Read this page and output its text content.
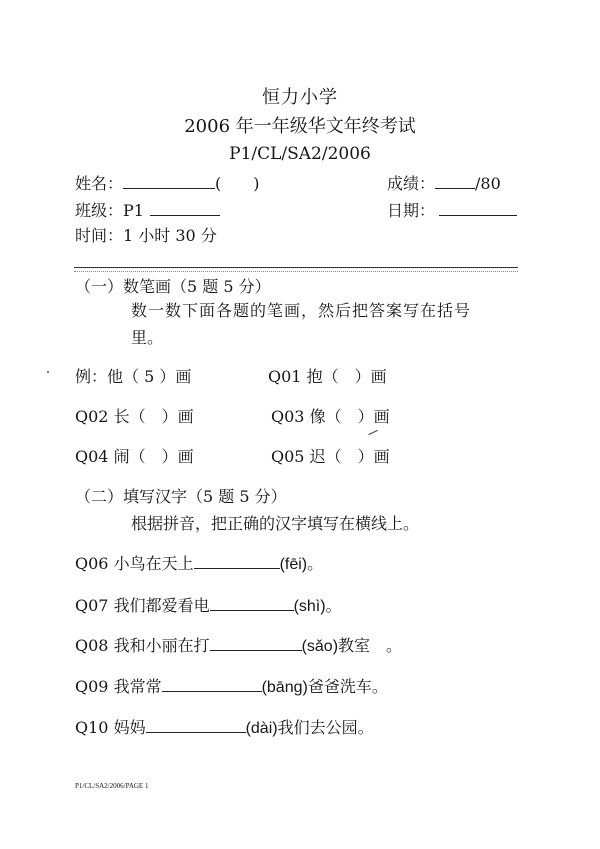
恒力小学
2006 年一年级华文年终考试
P1/CL/SA2/2006
姓名：	(　　)	成绩：	/80
班级：P1	日期：
时间：1 小时 30 分
（一）数笔画（5 题 5 分）
数一数下面各题的笔画，然后把答案写在括号
里。
例：他（ 5 ）画	Q01 抱（　）画
Q02 长（　）画	Q03 像（　）画
Q04 闹（　）画	Q05 迟（　）画
（二）填写汉字（5 题 5 分）
根据拼音，把正确的汉字填写在横线上。
Q06 小鸟在天上	(fēi)。
Q07 我们都爱看电	(shì)。
Q08 我和小丽在打	(sǎo)教室　。
Q09 我常常	(bāng)爸爸洗车。
Q10 妈妈	(dài)我们去公园。
P1/CL/SA2/2006/PAGE 1
